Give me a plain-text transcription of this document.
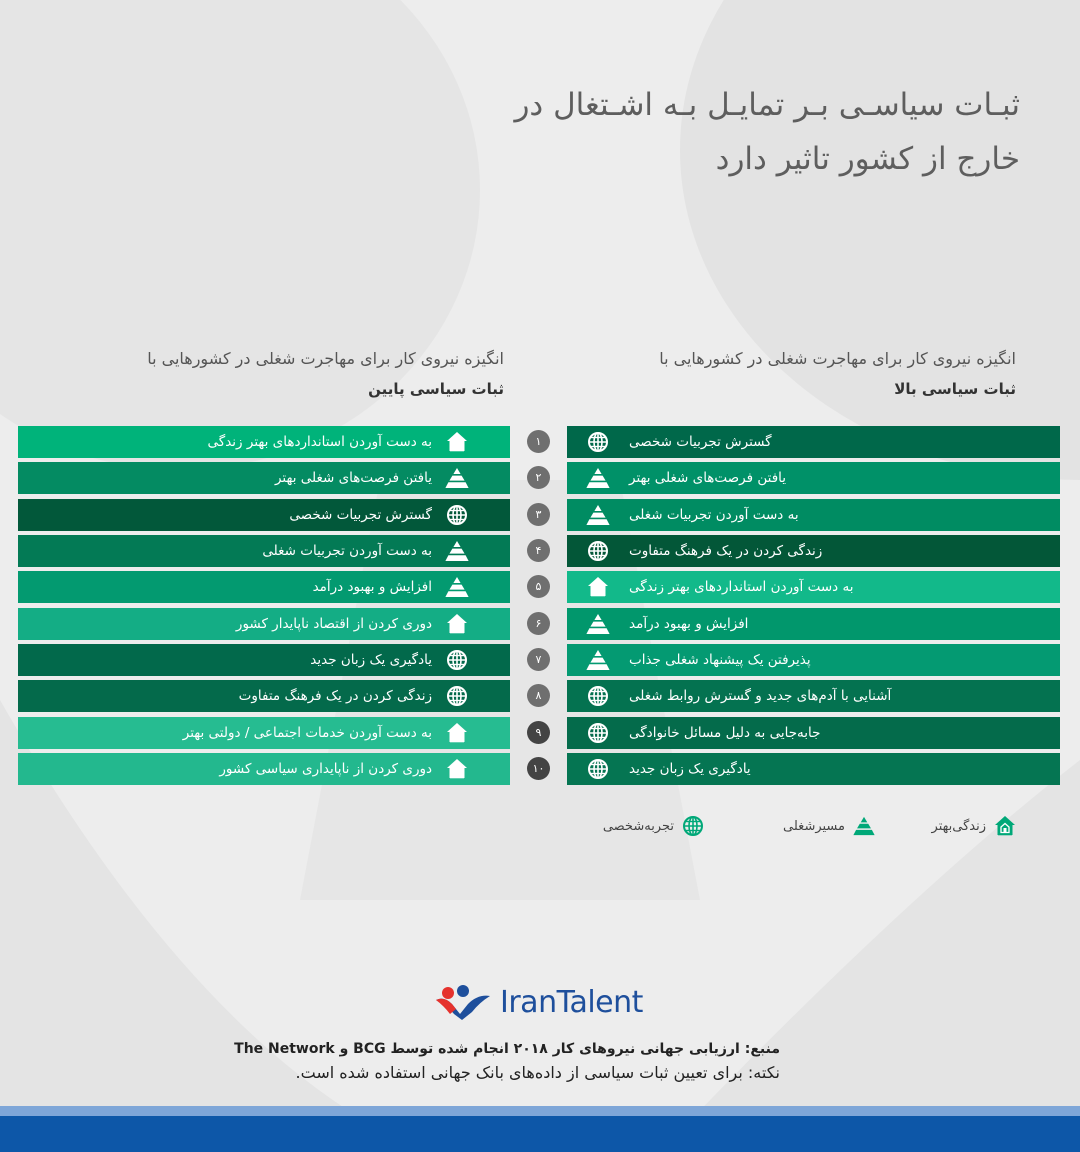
ثبـات سیاسـی بـر تمایـل بـه اشـتغال در
خارج از کشور تاثیر دارد
انگیزه نیروی کار برای مهاجرت شغلی در کشورهایی با
ثبات سیاسی بالا
انگیزه نیروی کار برای مهاجرت شغلی در کشورهایی با
ثبات سیاسی پایین
به دست آوردن استانداردهای بهتر زندگی
یافتن فرصت‌های شغلی بهتر
گسترش تجربیات شخصی
به دست آوردن تجربیات شغلی
افزایش و بهبود درآمد
دوری کردن از اقتصاد ناپایدار کشور
یادگیری یک زبان جدید
زندگی کردن در یک فرهنگ متفاوت
به دست آوردن خدمات اجتماعی / دولتی بهتر
دوری کردن از ناپایداری سیاسی کشور
۱
۲
۳
۴
۵
۶
۷
۸
۹
۱۰
گسترش تجربیات شخصی
یافتن فرصت‌های شغلی بهتر
به دست آوردن تجربیات شغلی
زندگی کردن در یک فرهنگ متفاوت
به دست آوردن استانداردهای بهتر زندگی
افزایش و بهبود درآمد
پذیرفتن یک پیشنهاد شغلی جذاب
آشنایی با آدم‌های جدید و گسترش روابط شغلی
جابه‌جایی به دلیل مسائل خانوادگی
یادگیری یک زبان جدید
زندگی‌بهتر
مسیرشغلی
تجربه‌شخصی
IranTalent
منبع: ارزیابی جهانی نیروهای کار ۲۰۱۸ انجام شده توسط BCG و The Network
نکته: برای تعیین ثبات سیاسی از داده‌های بانک جهانی استفاده شده است.
